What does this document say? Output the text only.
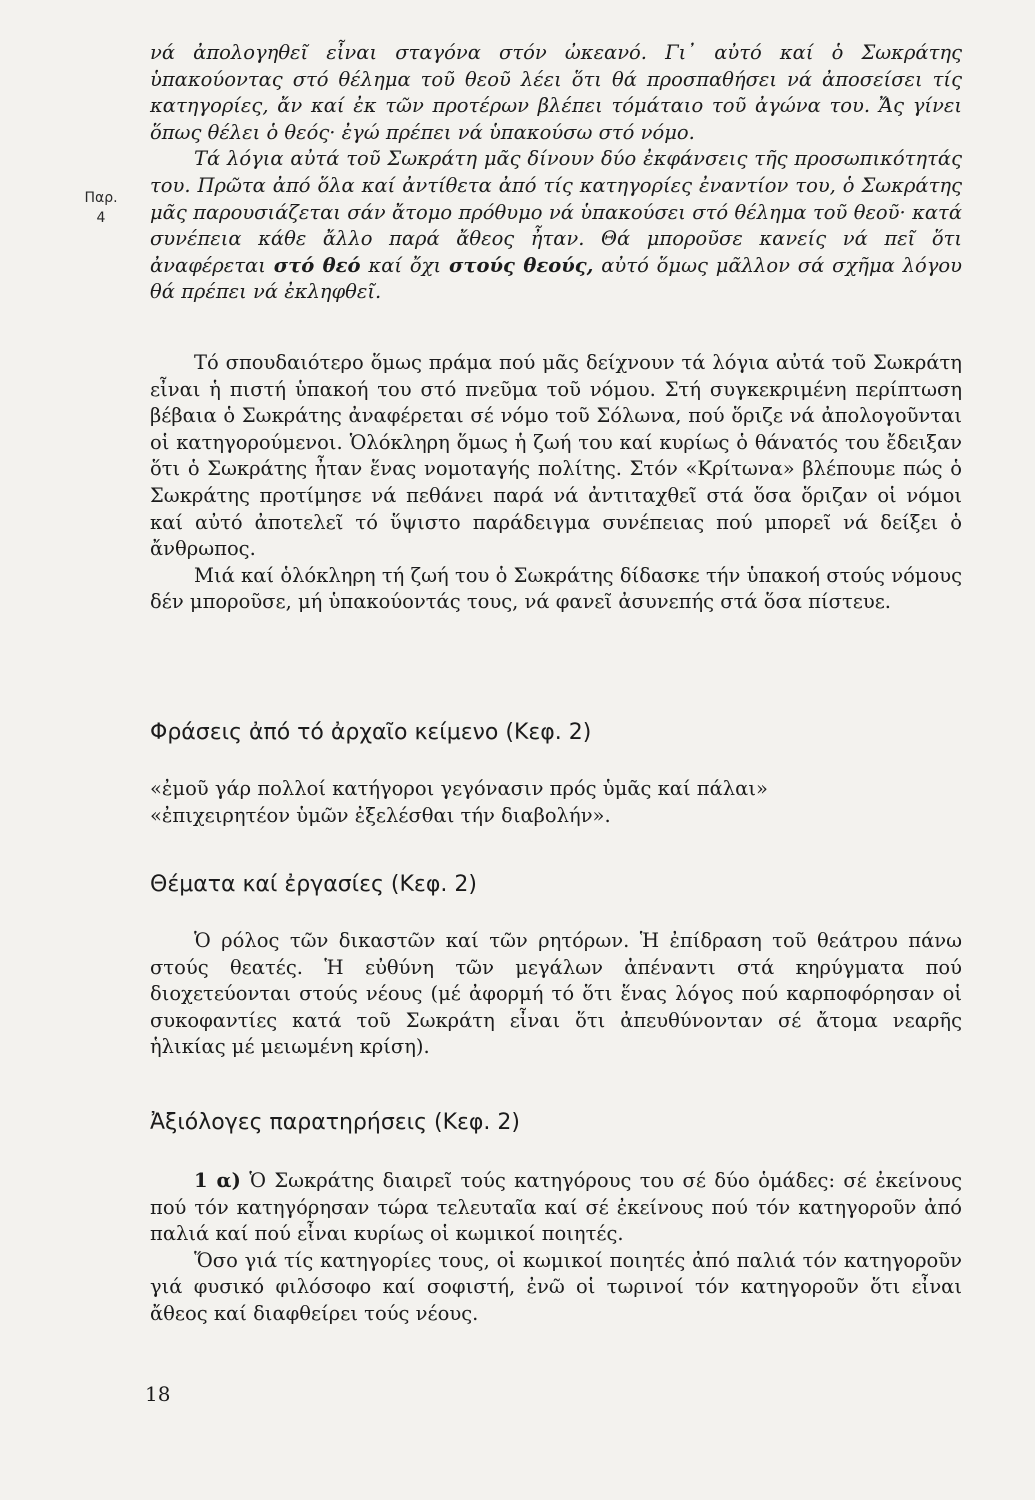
Παρ.
4

νά ἀπολογηθεῖ εἶναι σταγόνα στόν ὠκεανό. Γι᾽ αὐτό καί ὁ Σωκράτης ὑπακούοντας στό θέλημα τοῦ θεοῦ λέει ὅτι θά προσπαθήσει νά ἀποσείσει τίς κατηγορίες, ἄν καί ἐκ τῶν προτέρων βλέπει τόμάταιο τοῦ ἀγώνα του. Ἄς γίνει ὅπως θέλει ὁ θεός· ἐγώ πρέπει νά ὑπακούσω στό νόμο.

Τά λόγια αὐτά τοῦ Σωκράτη μᾶς δίνουν δύο ἐκφάνσεις τῆς προσωπικότητάς του. Πρῶτα ἀπό ὅλα καί ἀντίθετα ἀπό τίς κατηγορίες ἐναντίον του, ὁ Σωκράτης μᾶς παρουσιάζεται σάν ἄτομο πρόθυμο νά ὑπακούσει στό θέλημα τοῦ θεοῦ· κατά συνέπεια κάθε ἄλλο παρά ἄθεος ἦταν. Θά μποροῦσε κανείς νά πεῖ ὅτι ἀναφέρεται στό θεό καί ὄχι στούς θεούς, αὐτό ὅμως μᾶλλον σά σχῆμα λόγου θά πρέπει νά ἐκληφθεῖ.

Τό σπουδαιότερο ὅμως πράμα πού μᾶς δείχνουν τά λόγια αὐτά τοῦ Σωκράτη εἶναι ἡ πιστή ὑπακοή του στό πνεῦμα τοῦ νόμου. Στή συγκεκριμένη περίπτωση βέβαια ὁ Σωκράτης ἀναφέρεται σέ νόμο τοῦ Σόλωνα, πού ὅριζε νά ἀπολογοῦνται οἱ κατηγορούμενοι. Ὁλόκληρη ὅμως ἡ ζωή του καί κυρίως ὁ θάνατός του ἔδειξαν ὅτι ὁ Σωκράτης ἦταν ἕνας νομοταγής πολίτης. Στόν «Κρίτωνα» βλέπουμε πώς ὁ Σωκράτης προτίμησε νά πεθάνει παρά νά ἀντιταχθεῖ στά ὅσα ὅριζαν οἱ νόμοι καί αὐτό ἀποτελεῖ τό ὕψιστο παράδειγμα συνέπειας πού μπορεῖ νά δείξει ὁ ἄνθρωπος.

Μιά καί ὁλόκληρη τή ζωή του ὁ Σωκράτης δίδασκε τήν ὑπακοή στούς νόμους δέν μποροῦσε, μή ὑπακούοντάς τους, νά φανεῖ ἀσυνεπής στά ὅσα πίστευε.

Φράσεις ἀπό τό ἀρχαῖο κείμενο (Κεφ. 2)

«ἐμοῦ γάρ πολλοί κατήγοροι γεγόνασιν πρός ὑμᾶς καί πάλαι»

«ἐπιχειρητέον ὑμῶν ἐξελέσθαι τήν διαβολήν».

Θέματα καί ἐργασίες (Κεφ. 2)

Ὁ ρόλος τῶν δικαστῶν καί τῶν ρητόρων. Ἡ ἐπίδραση τοῦ θεάτρου πάνω στούς θεατές. Ἡ εὐθύνη τῶν μεγάλων ἀπέναντι στά κηρύγματα πού διοχετεύονται στούς νέους (μέ ἀφορμή τό ὅτι ἕνας λόγος πού καρποφόρησαν οἱ συκοφαντίες κατά τοῦ Σωκράτη εἶναι ὅτι ἀπευθύνονταν σέ ἄτομα νεαρῆς ἡλικίας μέ μειωμένη κρίση).

Ἀξιόλογες παρατηρήσεις (Κεφ. 2)

1 α) Ὁ Σωκράτης διαιρεῖ τούς κατηγόρους του σέ δύο ὁμάδες: σέ ἐκείνους πού τόν κατηγόρησαν τώρα τελευταῖα καί σέ ἐκείνους πού τόν κατηγοροῦν ἀπό παλιά καί πού εἶναι κυρίως οἱ κωμικοί ποιητές.

Ὅσο γιά τίς κατηγορίες τους, οἱ κωμικοί ποιητές ἀπό παλιά τόν κατηγοροῦν γιά φυσικό φιλόσοφο καί σοφιστή, ἐνῶ οἱ τωρινοί τόν κατηγοροῦν ὅτι εἶναι ἄθεος καί διαφθείρει τούς νέους.

18
